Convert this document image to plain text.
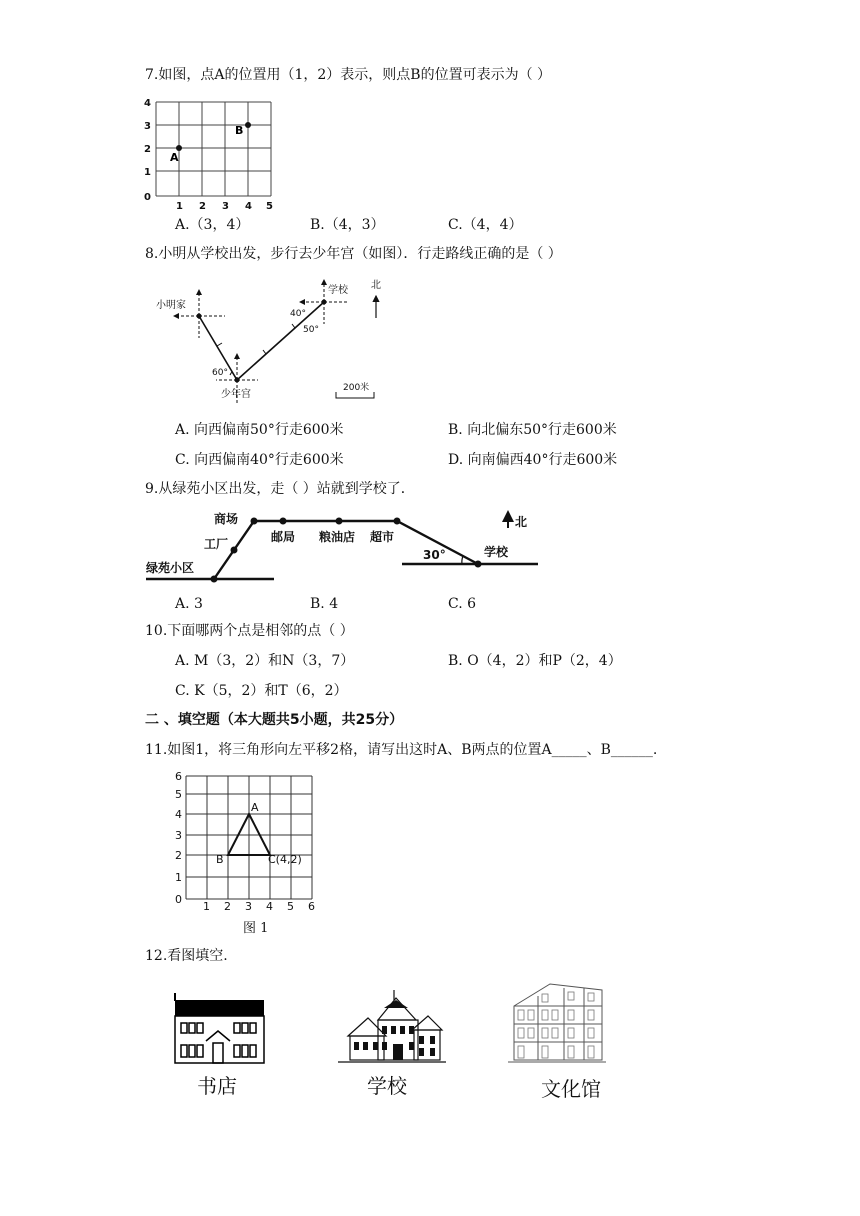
7.如图，点A的位置用（1，2）表示，则点B的位置可表示为（ ）
4
3
2
1
0
1 2 3 4 5
A
B
A.（3，4）	B.（4，3）	C.（4，4）
8.小明从学校出发，步行去少年宫（如图）．行走路线正确的是（ ）
小明家
学校
少年宫
北
40°
50°
60°
200米
A. 向西偏南50°行走600米	B. 向北偏东50°行走600米
C. 向西偏南40°行走600米	D. 向南偏西40°行走600米
9.从绿苑小区出发，走（ ）站就到学校了．
绿苑小区
工厂
商场
邮局 粮油店 超市
学校
30°
北
A. 3	B. 4	C. 6
10.下面哪两个点是相邻的点（ ）
A. M（3，2）和N（3，7）	B. O（4，2）和P（2，4）
C. K（5，2）和T（6，2）
二 、填空题（本大题共5小题，共25分）
11.如图1，将三角形向左平移2格，请写出这时A、B两点的位置A_____、B______.
6
5
4
3
2
1
0
1 2 3 4 5 6
A
B	C(4,2)
图 1
12.看图填空.
书店	学校	文化馆
